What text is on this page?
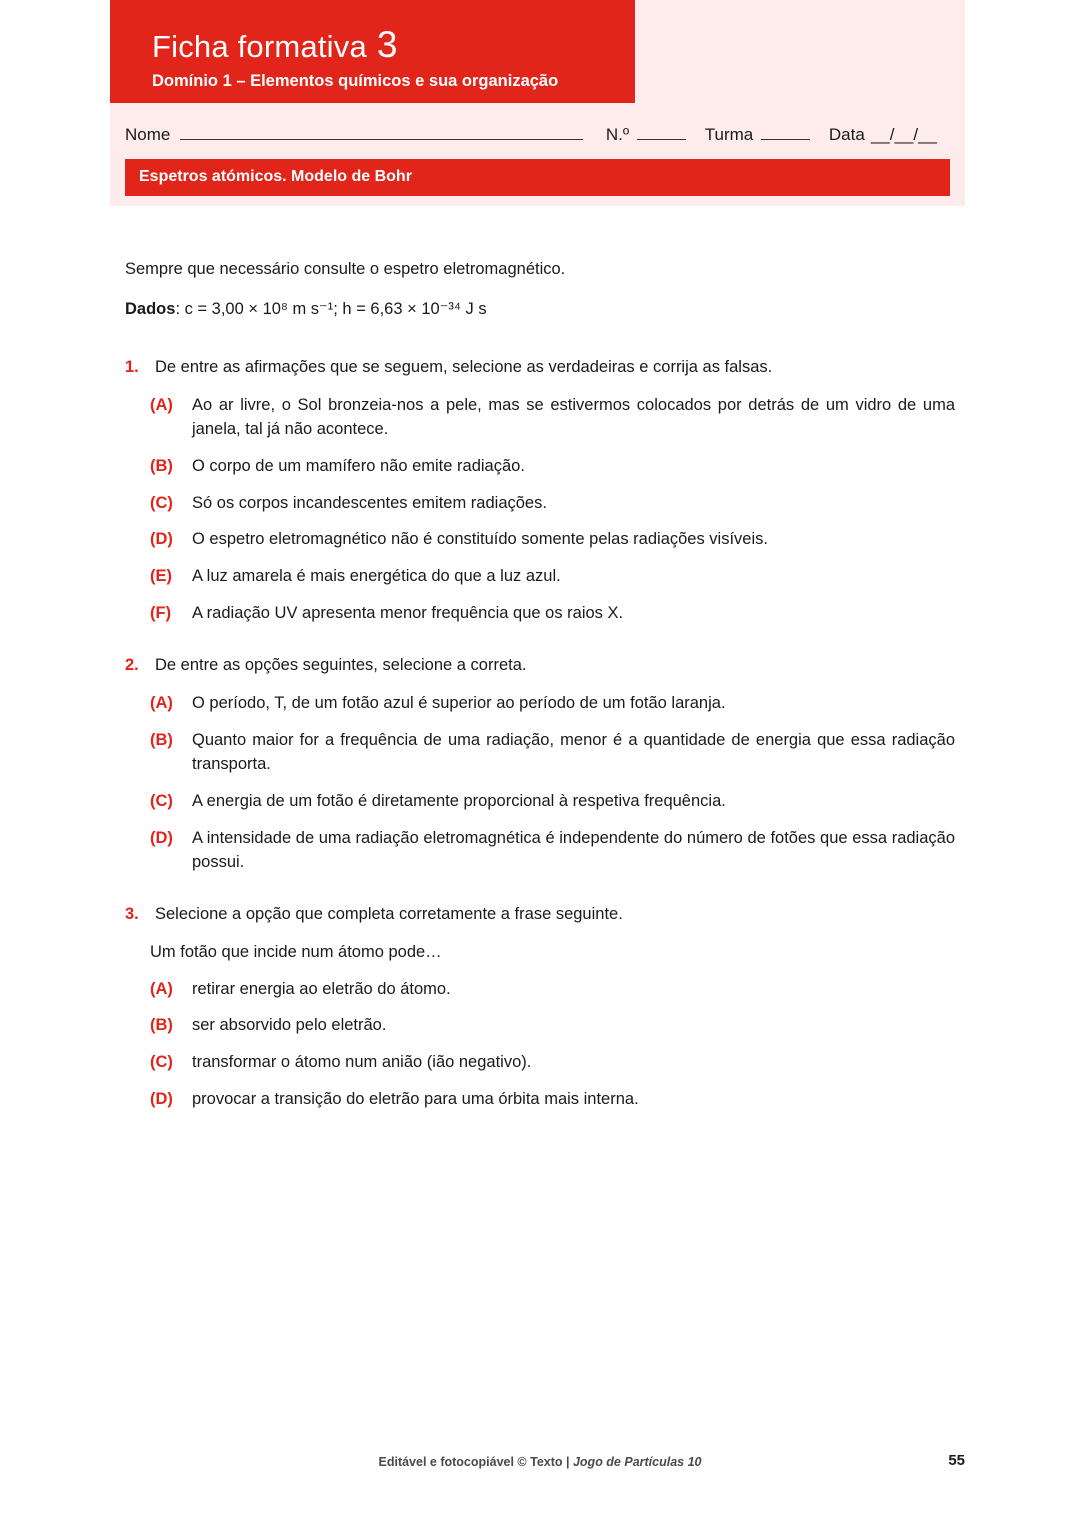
Ficha formativa 3
Domínio 1 – Elementos químicos e sua organização
Nome	N.º	Turma	Data __/__/__
Espetros atómicos. Modelo de Bohr

Sempre que necessário consulte o espetro eletromagnético.

Dados: c = 3,00 × 10⁸ m s⁻¹; h = 6,63 × 10⁻³⁴ J s

1. De entre as afirmações que se seguem, selecione as verdadeiras e corrija as falsas.
(A)	Ao ar livre, o Sol bronzeia-nos a pele, mas se estivermos colocados por detrás de um vidro de uma janela, tal já não acontece.
(B)	O corpo de um mamífero não emite radiação.
(C)	Só os corpos incandescentes emitem radiações.
(D)	O espetro eletromagnético não é constituído somente pelas radiações visíveis.
(E)	A luz amarela é mais energética do que a luz azul.
(F)	A radiação UV apresenta menor frequência que os raios X.
2. De entre as opções seguintes, selecione a correta.
(A)	O período, T, de um fotão azul é superior ao período de um fotão laranja.
(B)	Quanto maior for a frequência de uma radiação, menor é a quantidade de energia que essa radiação transporta.
(C)	A energia de um fotão é diretamente proporcional à respetiva frequência.
(D)	A intensidade de uma radiação eletromagnética é independente do número de fotões que essa radiação possui.
3. Selecione a opção que completa corretamente a frase seguinte.
Um fotão que incide num átomo pode…
(A)	retirar energia ao eletrão do átomo.
(B)	ser absorvido pelo eletrão.
(C)	transformar o átomo num anião (ião negativo).
(D)	provocar a transição do eletrão para uma órbita mais interna.
Editável e fotocopiável © Texto | Jogo de Partículas 10	55
